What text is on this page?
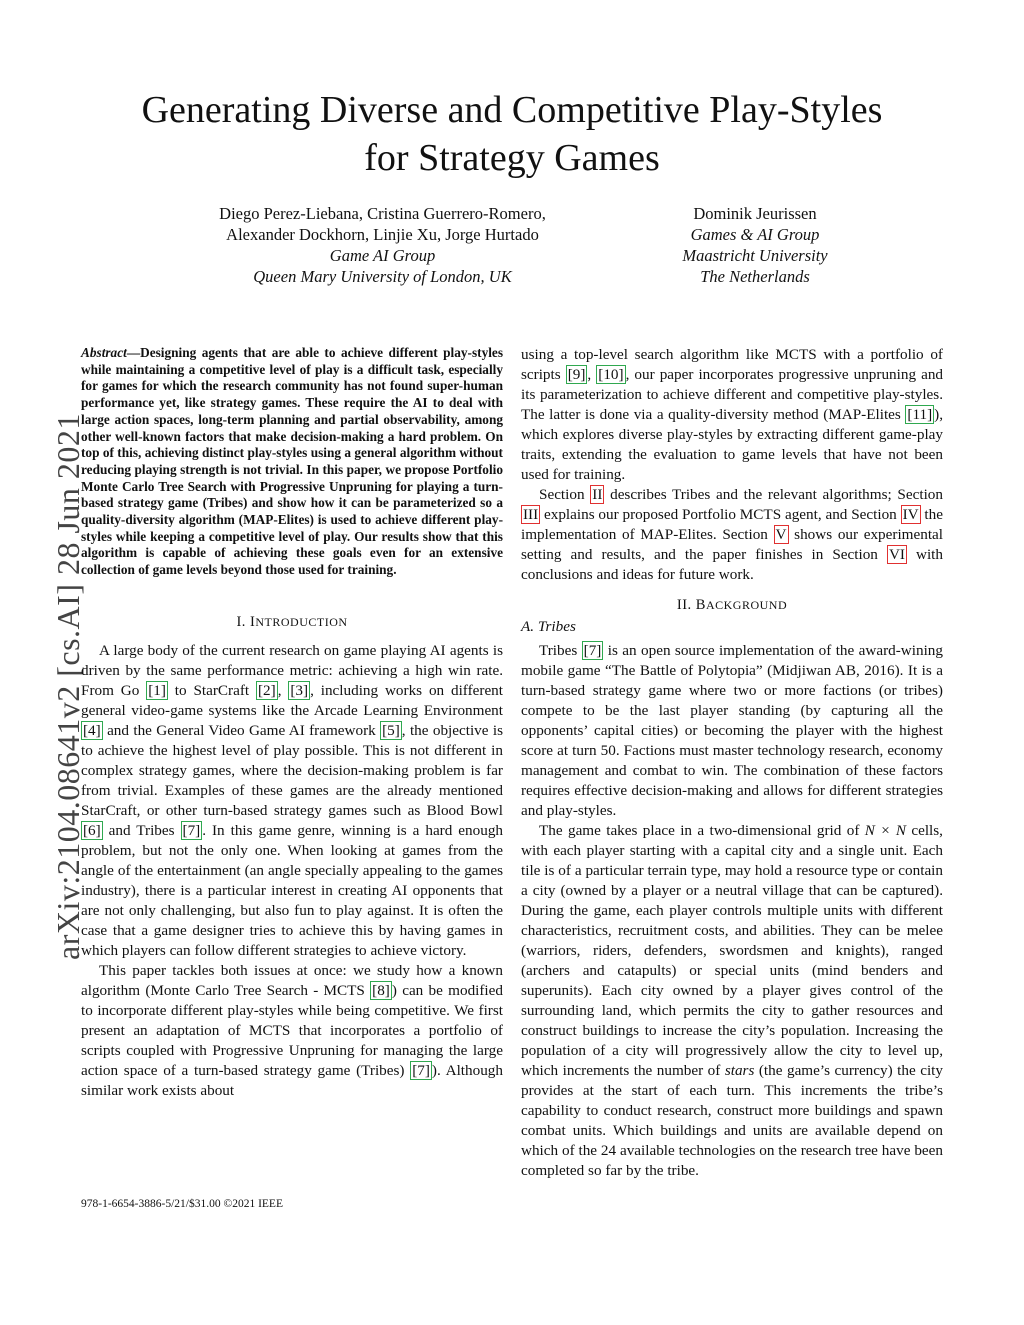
arXiv:2104.08641v2 [cs.AI] 28 Jun 2021
Generating Diverse and Competitive Play-Styles
for Strategy Games
Diego Perez-Liebana, Cristina Guerrero-Romero,
Alexander Dockhorn, Linjie Xu, Jorge Hurtado
Game AI Group
Queen Mary University of London, UK
Dominik Jeurissen
Games & AI Group
Maastricht University
The Netherlands

Abstract—Designing agents that are able to achieve different play-styles while maintaining a competitive level of play is a difficult task, especially for games for which the research community has not found super-human performance yet, like strategy games. These require the AI to deal with large action spaces, long-term planning and partial observability, among other well-known factors that make decision-making a hard problem. On top of this, achieving distinct play-styles using a general algorithm without reducing playing strength is not trivial. In this paper, we propose Portfolio Monte Carlo Tree Search with Progressive Unpruning for playing a turn-based strategy game (Tribes) and show how it can be parameterized so a quality-diversity algorithm (MAP-Elites) is used to achieve different play-styles while keeping a competitive level of play. Our results show that this algorithm is capable of achieving these goals even for an extensive collection of game levels beyond those used for training.

I. INTRODUCTION

A large body of the current research on game playing AI agents is driven by the same performance metric: achieving a high win rate. From Go [1] to StarCraft [2] , [3] , including works on different general video-game systems like the Arcade Learning Environment [4] and the General Video Game AI framework [5] , the objective is to achieve the highest level of play possible. This is not different in complex strategy games, where the decision-making problem is far from trivial. Examples of these games are the already mentioned StarCraft, or other turn-based strategy games such as Blood Bowl [6] and Tribes [7] . In this game genre, winning is a hard enough problem, but not the only one. When looking at games from the angle of the entertainment (an angle specially appealing to the games industry), there is a particular interest in creating AI opponents that are not only challenging, but also fun to play against. It is often the case that a game designer tries to achieve this by having games in which players can follow different strategies to achieve victory.

This paper tackles both issues at once: we study how a known algorithm (Monte Carlo Tree Search - MCTS [8] ) can be modified to incorporate different play-styles while being competitive. We first present an adaptation of MCTS that incorporates a portfolio of scripts coupled with Progressive Unpruning for managing the large action space of a turn-based strategy game (Tribes) [7] ). Although similar work exists about

using a top-level search algorithm like MCTS with a portfolio of scripts [9] , [10] , our paper incorporates progressive unpruning and its parameterization to achieve different and competitive play-styles. The latter is done via a quality-diversity method (MAP-Elites [11] ), which explores diverse play-styles by extracting different game-play traits, extending the evaluation to game levels that have not been used for training.

Section II describes Tribes and the relevant algorithms; Section III explains our proposed Portfolio MCTS agent, and Section IV the implementation of MAP-Elites. Section V shows our experimental setting and results, and the paper finishes in Section VI with conclusions and ideas for future work.

II. BACKGROUND

A. Tribes

Tribes [7] is an open source implementation of the award-wining mobile game “The Battle of Polytopia” (Midjiwan AB, 2016). It is a turn-based strategy game where two or more factions (or tribes) compete to be the last player standing (by capturing all the opponents’ capital cities) or becoming the player with the highest score at turn 50. Factions must master technology research, economy management and combat to win. The combination of these factors requires effective decision-making and allows for different strategies and play-styles.

The game takes place in a two-dimensional grid of N × N cells, with each player starting with a capital city and a single unit. Each tile is of a particular terrain type, may hold a resource type or contain a city (owned by a player or a neutral village that can be captured). During the game, each player controls multiple units with different characteristics, recruitment costs, and abilities. They can be melee (warriors, riders, defenders, swordsmen and knights), ranged (archers and catapults) or special units (mind benders and superunits). Each city owned by a player gives control of the surrounding land, which permits the city to gather resources and construct buildings to increase the city’s population. Increasing the population of a city will progressively allow the city to level up, which increments the number of stars (the game’s currency) the city provides at the start of each turn. This increments the tribe’s capability to conduct research, construct more buildings and spawn combat units. Which buildings and units are available depend on which of the 24 available technologies on the research tree have been completed so far by the tribe.

978-1-6654-3886-5/21/$31.00 ©2021 IEEE
